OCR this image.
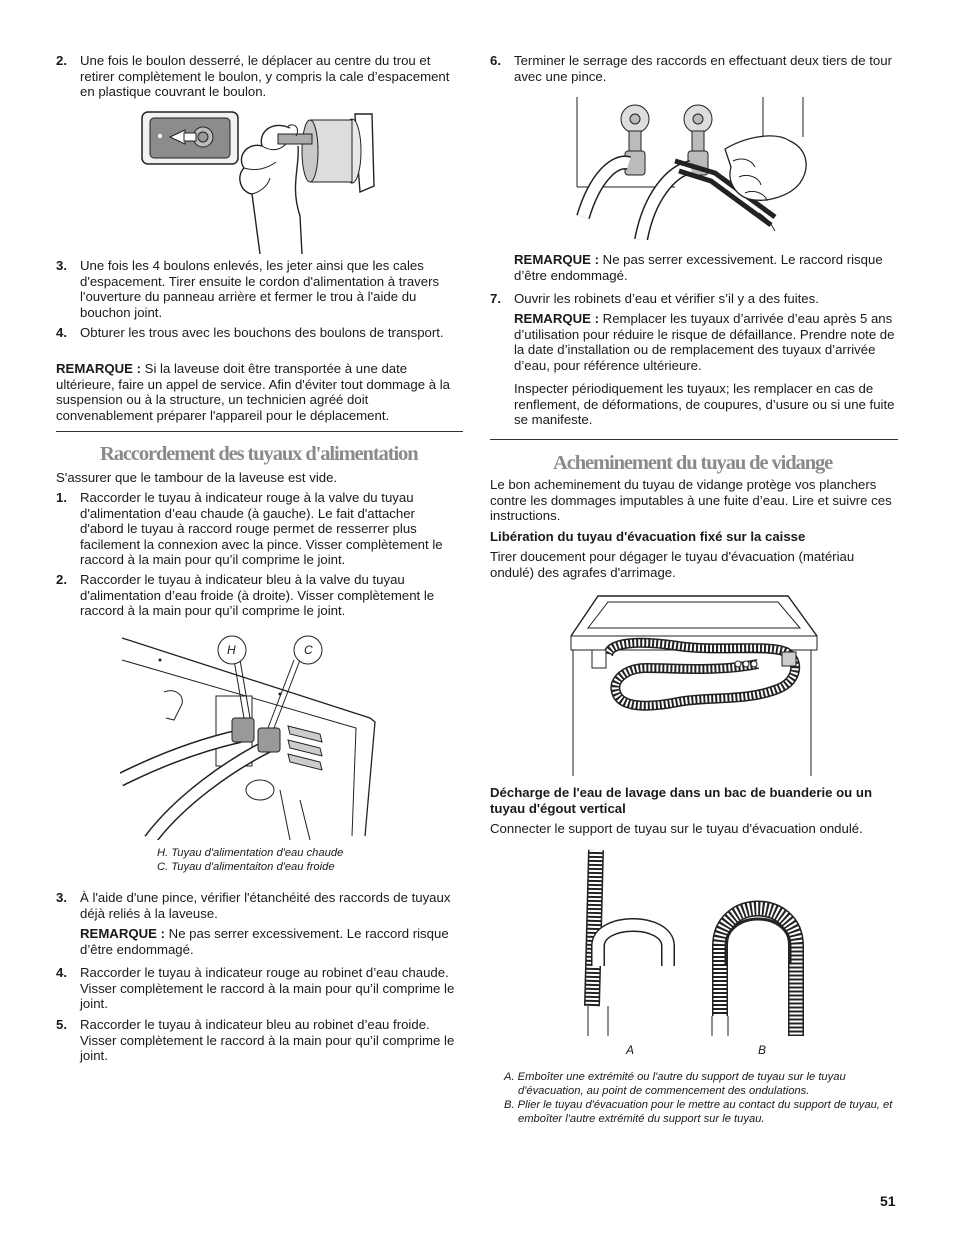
2. Une fois le boulon desserré, le déplacer au centre du trou et retirer complètement le boulon, y compris la cale d’espacement en plastique couvrant le boulon.

3. Une fois les 4 boulons enlevés, les jeter ainsi que les cales d'espacement. Tirer ensuite le cordon d'alimentation à travers l'ouverture du panneau arrière et fermer le trou à l'aide du bouchon joint.

4. Obturer les trous avec les bouchons des boulons de transport.

REMARQUE : Si la laveuse doit être transportée à une date ultérieure, faire un appel de service. Afin d'éviter tout dommage à la suspension ou à la structure, un technicien agréé doit convenablement préparer l'appareil pour le déplacement.

Raccordement des tuyaux d'alimentation

S'assurer que le tambour de la laveuse est vide.

1. Raccorder le tuyau à indicateur rouge à la valve du tuyau d'alimentation d’eau chaude (à gauche). Le fait d'attacher d'abord le tuyau à raccord rouge permet de resserrer plus facilement la connexion avec la pince. Visser complètement le raccord à la main pour qu’il comprime le joint.

2. Raccorder le tuyau à indicateur bleu à la valve du tuyau d'alimentation d’eau froide (à droite). Visser complètement le raccord à la main pour qu’il comprime le joint.

H	C
H. Tuyau d'alimentation d'eau chaude
C. Tuyau d'alimentaiton d'eau froide
3. À l'aide d'une pince, vérifier l'étanchéité des raccords de tuyaux déjà reliés à la laveuse.

REMARQUE : Ne pas serrer excessivement. Le raccord risque d’être endommagé.

4. Raccorder le tuyau à indicateur rouge au robinet d’eau chaude. Visser complètement le raccord à la main pour qu’il comprime le joint.

5. Raccorder le tuyau à indicateur bleu au robinet d’eau froide. Visser complètement le raccord à la main pour qu’il comprime le joint.

6. Terminer le serrage des raccords en effectuant deux tiers de tour avec une pince.

REMARQUE : Ne pas serrer excessivement. Le raccord risque d’être endommagé.

7. Ouvrir les robinets d’eau et vérifier s’il y a des fuites.

REMARQUE : Remplacer les tuyaux d’arrivée d’eau après 5 ans d’utilisation pour réduire le risque de défaillance. Prendre note de la date d’installation ou de remplacement des tuyaux d’arrivée d’eau, pour référence ultérieure.

Inspecter périodiquement les tuyaux; les remplacer en cas de renflement, de déformations, de coupures, d’usure ou si une fuite se manifeste.

Acheminement du tuyau de vidange

Le bon acheminement du tuyau de vidange protège vos planchers contre les dommages imputables à une fuite d’eau. Lire et suivre ces instructions.

Libération du tuyau d'évacuation fixé sur la caisse

Tirer doucement pour dégager le tuyau d'évacuation (matériau ondulé) des agrafes d'arrimage.

Décharge de l'eau de lavage dans un bac de buanderie ou un tuyau d'égout vertical

Connecter le support de tuyau sur le tuyau d'évacuation ondulé.

A	B
A. Emboîter une extrémité ou l'autre du support de tuyau sur le tuyau d'évacuation, au point de commencement des ondulations.
B. Plier le tuyau d'évacuation pour le mettre au contact du support de tuyau, et emboîter l'autre extrémité du support sur le tuyau.
51
